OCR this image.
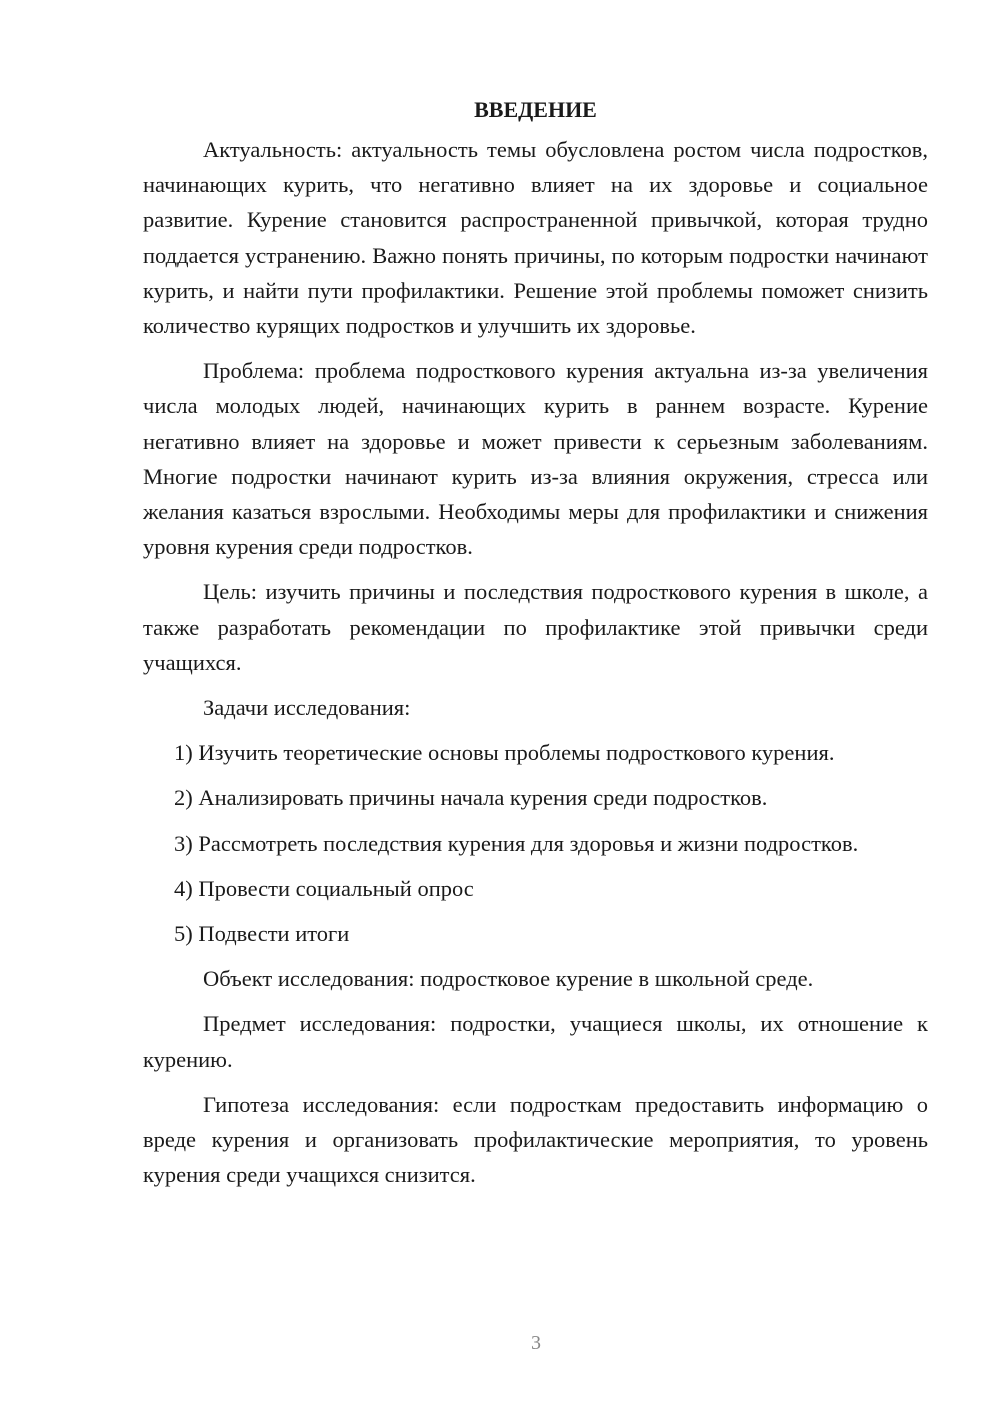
ВВЕДЕНИЕ

Актуальность: актуальность темы обусловлена ростом числа подростков, начинающих курить, что негативно влияет на их здоровье и социальное развитие. Курение становится распространенной привычкой, которая трудно поддается устранению. Важно понять причины, по которым подростки начинают курить, и найти пути профилактики. Решение этой проблемы поможет снизить количество курящих подростков и улучшить их здоровье.

Проблема: проблема подросткового курения актуальна из-за увеличения числа молодых людей, начинающих курить в раннем возрасте. Курение негативно влияет на здоровье и может привести к серьезным заболеваниям. Многие подростки начинают курить из-за влияния окружения, стресса или желания казаться взрослыми. Необходимы меры для профилактики и снижения уровня курения среди подростков.

Цель: изучить причины и последствия подросткового курения в школе, а также разработать рекомендации по профилактике этой привычки среди учащихся.

Задачи исследования:

1) Изучить теоретические основы проблемы подросткового курения.

2) Анализировать причины начала курения среди подростков.

3) Рассмотреть последствия курения для здоровья и жизни подростков.

4) Провести социальный опрос

5) Подвести итоги

Объект исследования: подростковое курение в школьной среде.

Предмет исследования: подростки, учащиеся школы, их отношение к курению.

Гипотеза исследования: если подросткам предоставить информацию о вреде курения и организовать профилактические мероприятия, то уровень курения среди учащихся снизится.

3
